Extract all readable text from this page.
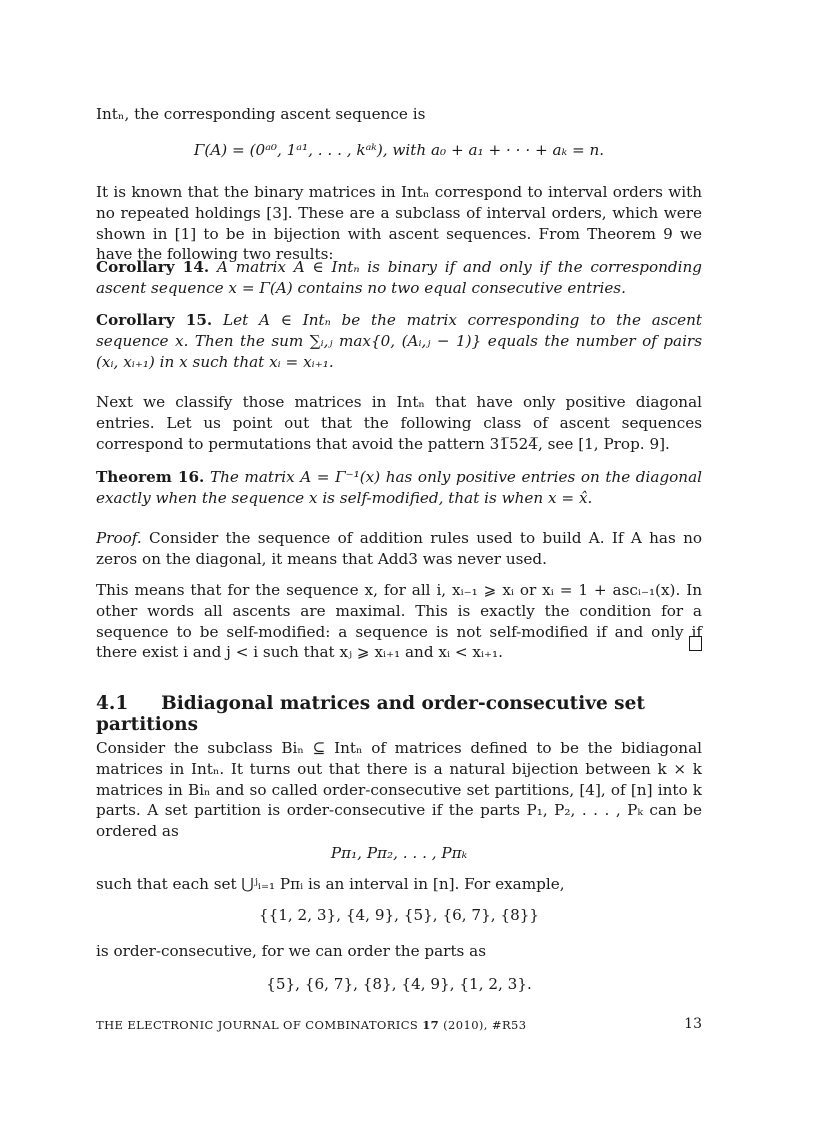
Intₙ, the corresponding ascent sequence is
Γ(A) = (0ᵃ⁰, 1ᵃ¹, . . . , kᵃᵏ), with a₀ + a₁ + · · · + aₖ = n.
It is known that the binary matrices in Intₙ correspond to interval orders with no repeated holdings [3]. These are a subclass of interval orders, which were shown in [1] to be in bijection with ascent sequences. From Theorem 9 we have the following two results:
Corollary 14. A matrix A ∈ Intₙ is binary if and only if the corresponding ascent sequence x = Γ(A) contains no two equal consecutive entries.
Corollary 15. Let A ∈ Intₙ be the matrix corresponding to the ascent sequence x. Then the sum ∑ᵢ,ⱼ max{0, (Aᵢ,ⱼ − 1)} equals the number of pairs (xᵢ, xᵢ₊₁) in x such that xᵢ = xᵢ₊₁.
Next we classify those matrices in Intₙ that have only positive diagonal entries. Let us point out that the following class of ascent sequences correspond to permutations that avoid the pattern 31̅524̅, see [1, Prop. 9].
Theorem 16. The matrix A = Γ⁻¹(x) has only positive entries on the diagonal exactly when the sequence x is self-modified, that is when x = x̂.
Proof. Consider the sequence of addition rules used to build A. If A has no zeros on the diagonal, it means that Add3 was never used.
This means that for the sequence x, for all i, xᵢ₋₁ ⩾ xᵢ or xᵢ = 1 + ascᵢ₋₁(x). In other words all ascents are maximal. This is exactly the condition for a sequence to be self-modified: a sequence is not self-modified if and only if there exist i and j < i such that xⱼ ⩾ xᵢ₊₁ and xᵢ < xᵢ₊₁.
4.1 Bidiagonal matrices and order-consecutive set partitions
Consider the subclass Biₙ ⊆ Intₙ of matrices defined to be the bidiagonal matrices in Intₙ. It turns out that there is a natural bijection between k × k matrices in Biₙ and so called order-consecutive set partitions, [4], of [n] into k parts. A set partition is order-consecutive if the parts P₁, P₂, . . . , Pₖ can be ordered as
Pπ₁, Pπ₂, . . . , Pπₖ
such that each set ⋃ʲᵢ₌₁ Pπᵢ is an interval in [n]. For example,
{{1, 2, 3}, {4, 9}, {5}, {6, 7}, {8}}
is order-consecutive, for we can order the parts as
{5}, {6, 7}, {8}, {4, 9}, {1, 2, 3}.
THE ELECTRONIC JOURNAL OF COMBINATORICS 17 (2010), #R53	13
